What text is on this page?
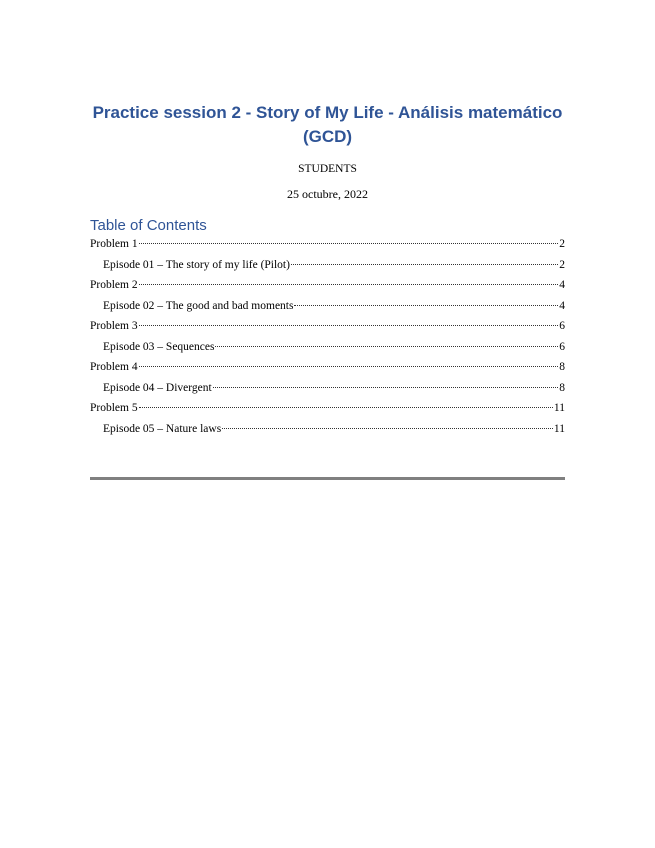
Practice session 2 - Story of My Life - Análisis matemático (GCD)
STUDENTS
25 octubre, 2022
Table of Contents
Problem 1	2
Episode 01 – The story of my life (Pilot)	2
Problem 2	4
Episode 02 – The good and bad moments	4
Problem 3	6
Episode 03 – Sequences	6
Problem 4	8
Episode 04 – Divergent	8
Problem 5	11
Episode 05 – Nature laws	11
